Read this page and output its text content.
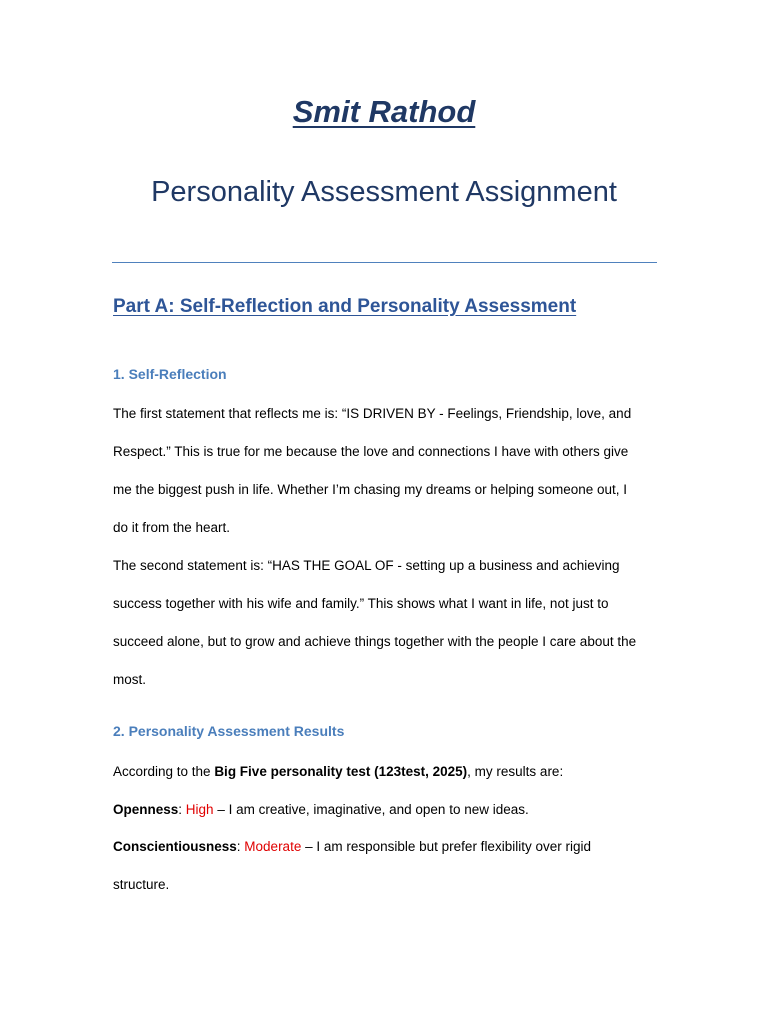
Smit Rathod
Personality Assessment Assignment
Part A: Self-Reflection and Personality Assessment
1. Self-Reflection
The first statement that reflects me is: “IS DRIVEN BY - Feelings, Friendship, love, and
Respect.” This is true for me because the love and connections I have with others give
me the biggest push in life. Whether I’m chasing my dreams or helping someone out, I
do it from the heart.
The second statement is: “HAS THE GOAL OF - setting up a business and achieving
success together with his wife and family.” This shows what I want in life, not just to
succeed alone, but to grow and achieve things together with the people I care about the
most.
2. Personality Assessment Results
According to the Big Five personality test (123test, 2025), my results are:
Openness: High – I am creative, imaginative, and open to new ideas.
Conscientiousness: Moderate – I am responsible but prefer flexibility over rigid
structure.
